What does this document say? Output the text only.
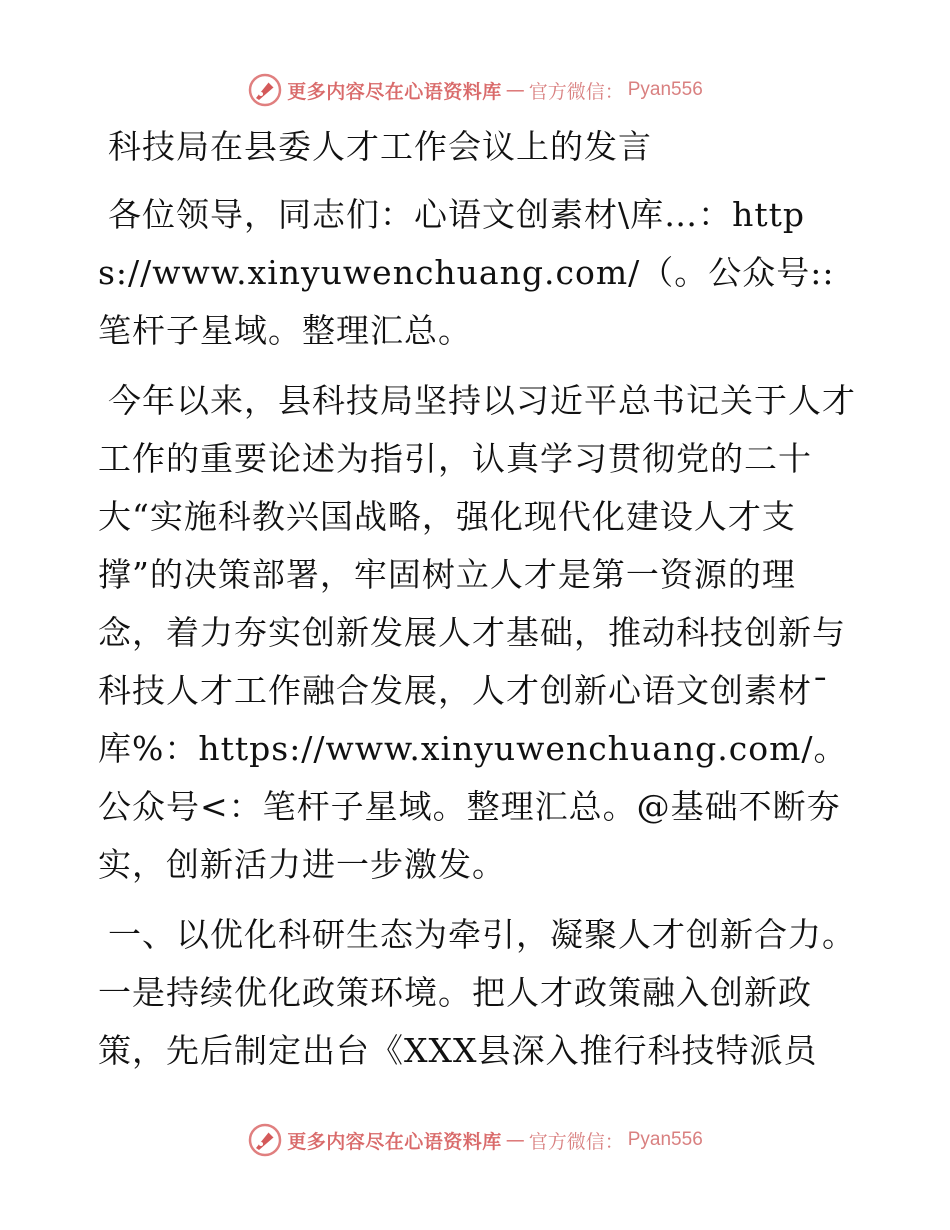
更多内容尽在心语资料库 — 官方微信： Pyan556

科技局在县委人才工作会议上的发言

各位领导，同志们：心语文创素材\库…：https://www.xinyuwenchuang.com/（。公众号::笔杆子星域。整理汇总。

今年以来，县科技局坚持以习近平总书记关于人才工作的重要论述为指引，认真学习贯彻党的二十大“实施科教兴国战略，强化现代化建设人才支撑”的决策部署，牢固树立人才是第一资源的理念，着力夯实创新发展人才基础，推动科技创新与科技人才工作融合发展，人才创新心语文创素材¯库%：https://www.xinyuwenchuang.com/。公众号<：笔杆子星域。整理汇总。@基础不断夯实，创新活力进一步激发。

一、以优化科研生态为牵引，凝聚人才创新合力。一是持续优化政策环境。把人才政策融入创新政策，先后制定出台《XXX县深入推行科技特派员

更多内容尽在心语资料库 — 官方微信： Pyan556
